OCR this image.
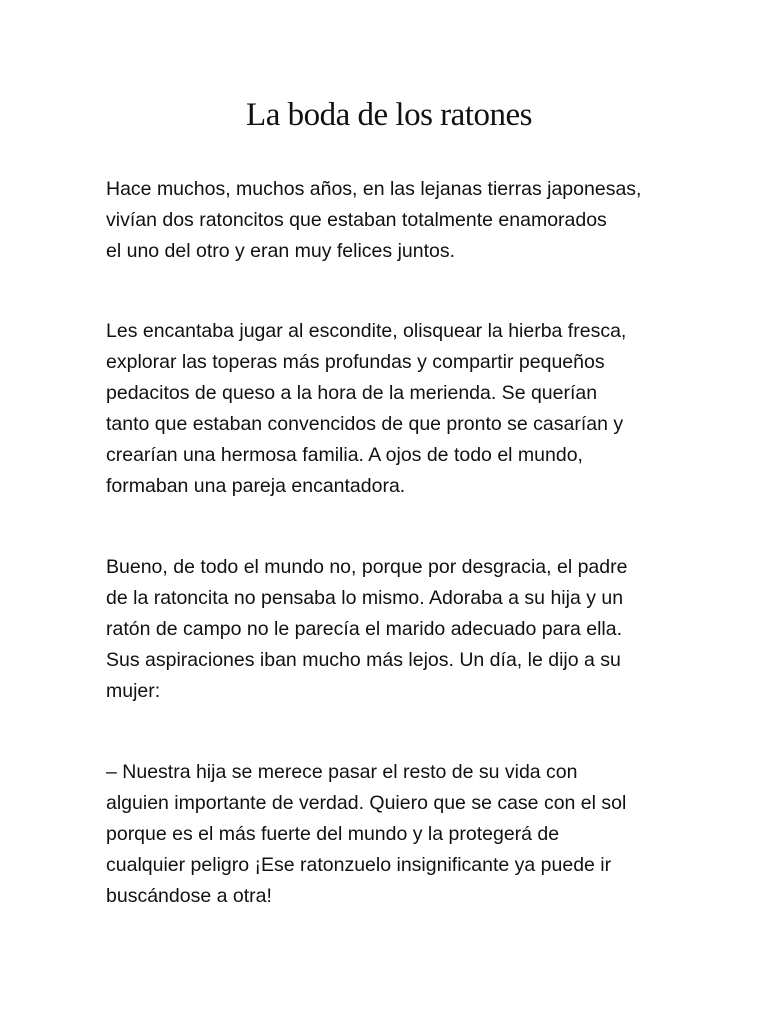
La boda de los ratones

Hace muchos, muchos años, en las lejanas tierras japonesas,
vivían dos ratoncitos que estaban totalmente enamorados
el uno del otro y eran muy felices juntos.

Les encantaba jugar al escondite, olisquear la hierba fresca,
explorar las toperas más profundas y compartir pequeños
pedacitos de queso a la hora de la merienda. Se querían
tanto que estaban convencidos de que pronto se casarían y
crearían una hermosa familia. A ojos de todo el mundo,
formaban una pareja encantadora.

Bueno, de todo el mundo no, porque por desgracia, el padre
de la ratoncita no pensaba lo mismo. Adoraba a su hija y un
ratón de campo no le parecía el marido adecuado para ella.
Sus aspiraciones iban mucho más lejos. Un día, le dijo a su
mujer:

– Nuestra hija se merece pasar el resto de su vida con
alguien importante de verdad. Quiero que se case con el sol
porque es el más fuerte del mundo y la protegerá de
cualquier peligro ¡Ese ratonzuelo insignificante ya puede ir
buscándose a otra!
